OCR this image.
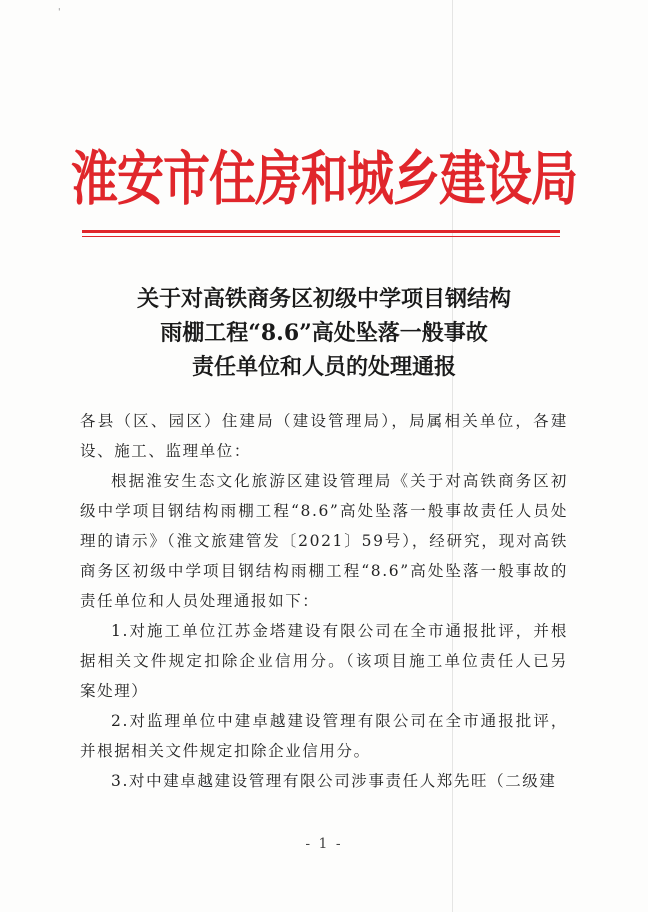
'
淮安市住房和城乡建设局
关于对高铁商务区初级中学项目钢结构
雨棚工程“8.6”高处坠落一般事故
责任单位和人员的处理通报

各县（区、园区）住建局（建设管理局），局属相关单位，各建设、施工、监理单位：

根据淮安生态文化旅游区建设管理局《关于对高铁商务区初级中学项目钢结构雨棚工程“8.6”高处坠落一般事故责任人员处理的请示》（淮文旅建管发〔2021〕59号），经研究，现对高铁商务区初级中学项目钢结构雨棚工程“8.6”高处坠落一般事故的责任单位和人员处理通报如下：

1.对施工单位江苏金塔建设有限公司在全市通报批评，并根据相关文件规定扣除企业信用分。（该项目施工单位责任人已另案处理）

2.对监理单位中建卓越建设管理有限公司在全市通报批评，并根据相关文件规定扣除企业信用分。

3.对中建卓越建设管理有限公司涉事责任人郑先旺（二级建

- 1 -
